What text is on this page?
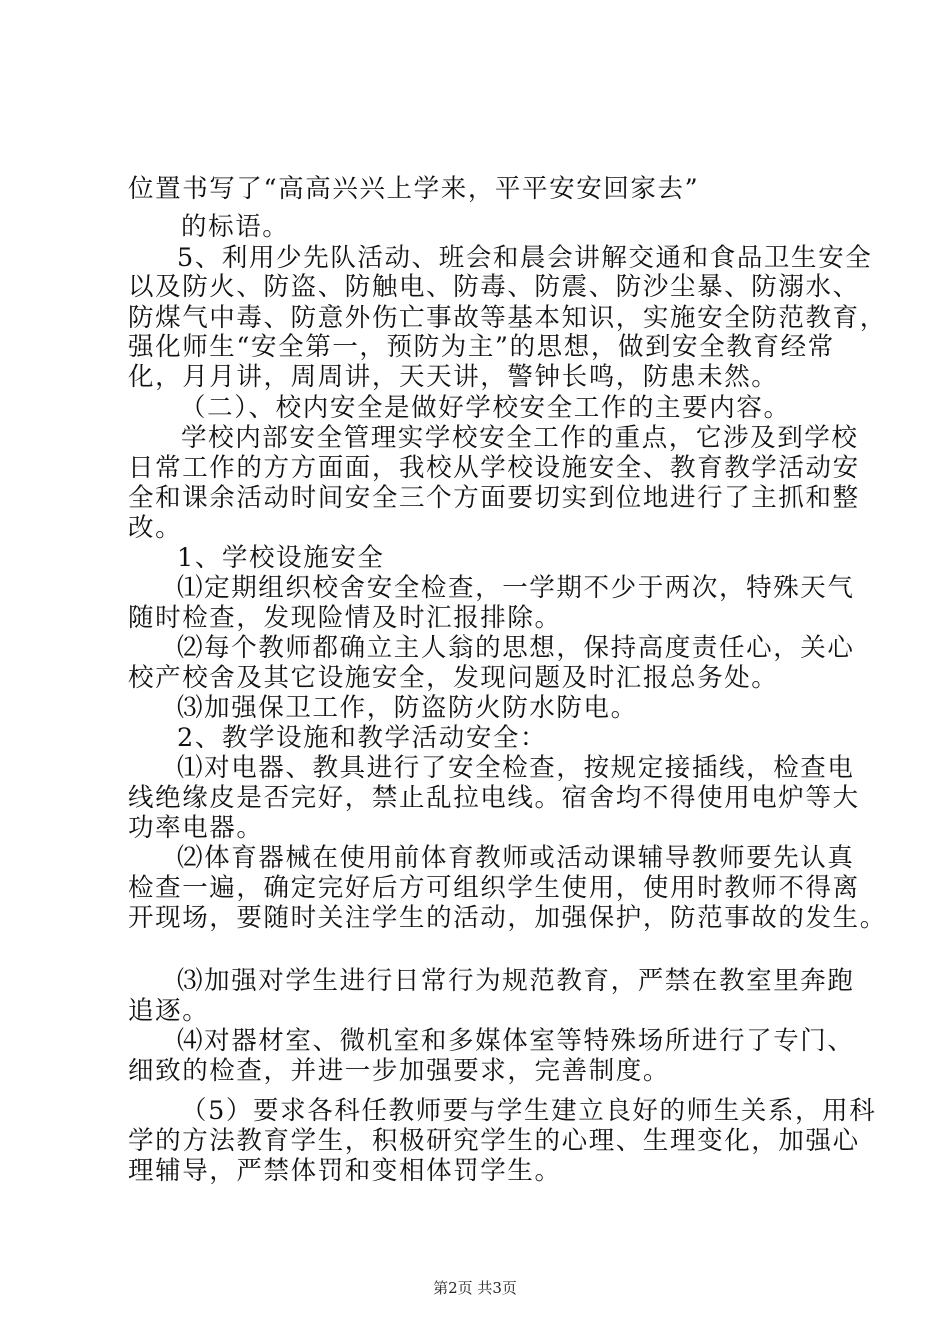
位置书写了“高高兴兴上学来，平平安安回家去”
的标语。
5、利用少先队活动、班会和晨会讲解交通和食品卫生安全
以及防火、防盗、防触电、防毒、防震、防沙尘暴、防溺水、
防煤气中毒、防意外伤亡事故等基本知识，实施安全防范教育，
强化师生“安全第一，预防为主”的思想，做到安全教育经常
化，月月讲，周周讲，天天讲，警钟长鸣，防患未然。
（二）、校内安全是做好学校安全工作的主要内容。
学校内部安全管理实学校安全工作的重点，它涉及到学校
日常工作的方方面面，我校从学校设施安全、教育教学活动安
全和课余活动时间安全三个方面要切实到位地进行了主抓和整
改。
1、学校设施安全
⑴定期组织校舍安全检查，一学期不少于两次，特殊天气
随时检查，发现险情及时汇报排除。
⑵每个教师都确立主人翁的思想，保持高度责任心，关心
校产校舍及其它设施安全，发现问题及时汇报总务处。
⑶加强保卫工作，防盗防火防水防电。
2、教学设施和教学活动安全：
⑴对电器、教具进行了安全检查，按规定接插线，检查电
线绝缘皮是否完好，禁止乱拉电线。宿舍均不得使用电炉等大
功率电器。
⑵体育器械在使用前体育教师或活动课辅导教师要先认真
检查一遍，确定完好后方可组织学生使用，使用时教师不得离
开现场，要随时关注学生的活动，加强保护，防范事故的发生。
⑶加强对学生进行日常行为规范教育，严禁在教室里奔跑
追逐。
⑷对器材室、微机室和多媒体室等特殊场所进行了专门、
细致的检查，并进一步加强要求，完善制度。
（5）要求各科任教师要与学生建立良好的师生关系，用科
学的方法教育学生，积极研究学生的心理、生理变化，加强心
理辅导，严禁体罚和变相体罚学生。
第2页 共3页
